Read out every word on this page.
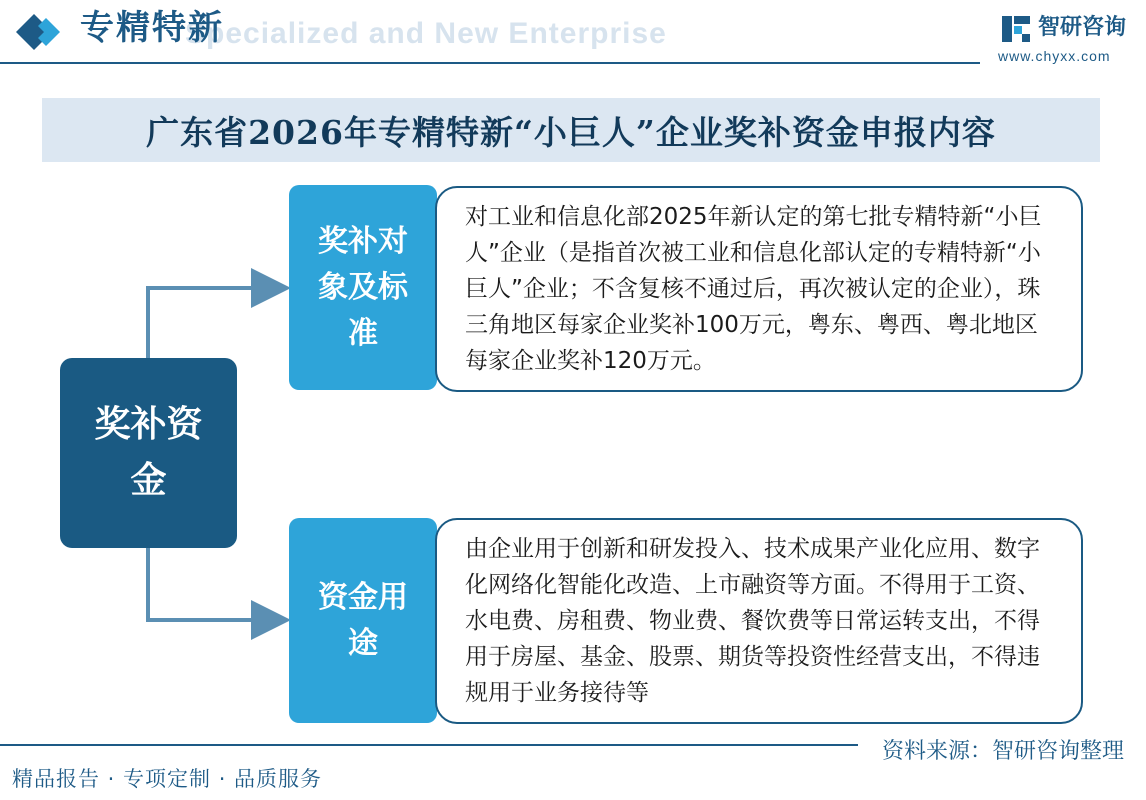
Specialized and New Enterprise
专精特新	智研咨询
www.chyxx.com
广东省2026年专精特新“小巨人”企业奖补资金申报内容
奖补资金
奖补对象及标准
对工业和信息化部2025年新认定的第七批专精特新“小巨人”企业（是指首次被工业和信息化部认定的专精特新“小巨人”企业；不含复核不通过后，再次被认定的企业），珠三角地区每家企业奖补100万元，粤东、粤西、粤北地区每家企业奖补120万元。
资金用途
由企业用于创新和研发投入、技术成果产业化应用、数字化网络化智能化改造、上市融资等方面。不得用于工资、水电费、房租费、物业费、餐饮费等日常运转支出，不得用于房屋、基金、股票、期货等投资性经营支出，不得违规用于业务接待等
资料来源：智研咨询整理
精品报告 · 专项定制 · 品质服务
